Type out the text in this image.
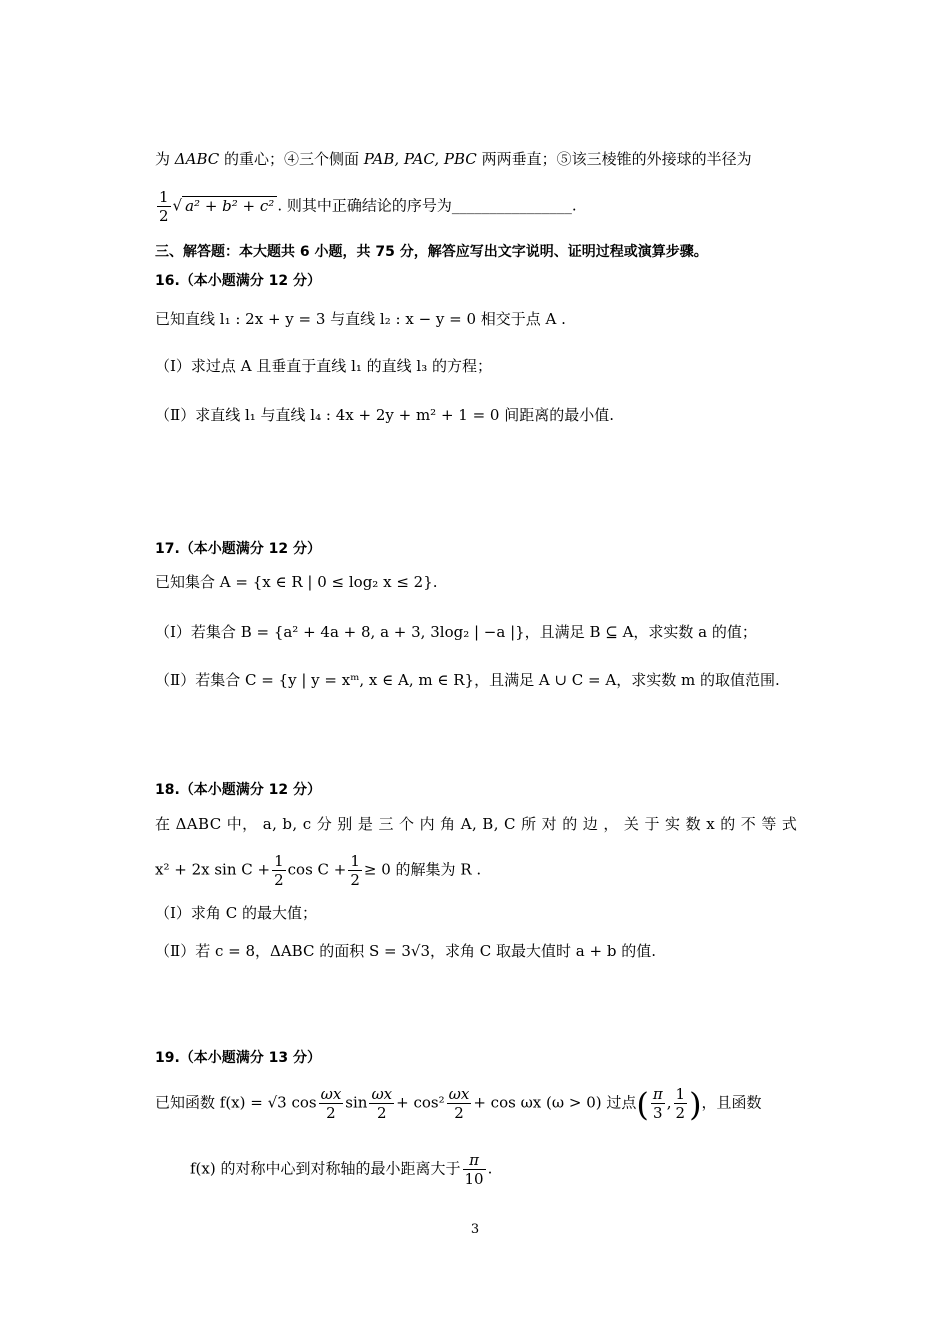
为 ΔABC 的重心；④三个侧面 PAB, PAC, PBC 两两垂直；⑤该三棱锥的外接球的半径为
$\frac{1}{2}$ √ a² + b² + c² . 则其中正确结论的序号为________________.
三、解答题：本大题共 6 小题，共 75 分，解答应写出文字说明、证明过程或演算步骤。
16.（本小题满分 12 分）
已知直线 l₁ : 2x + y = 3 与直线 l₂ : x − y = 0 相交于点 A .
（Ⅰ）求过点 A 且垂直于直线 l₁ 的直线 l₃ 的方程；
（Ⅱ）求直线 l₁ 与直线 l₄ : 4x + 2y + m² + 1 = 0 间距离的最小值.
17.（本小题满分 12 分）
已知集合 A = {x ∈ R | 0 ≤ log₂ x ≤ 2}.
（Ⅰ）若集合 B = {a² + 4a + 8, a + 3, 3log₂ | −a |}，且满足 B ⊆ A，求实数 a 的值；
（Ⅱ）若集合 C = {y | y = xᵐ, x ∈ A, m ∈ R}，且满足 A ∪ C = A，求实数 m 的取值范围.
18.（本小题满分 12 分）
在 ΔABC 中， a, b, c 分 别 是 三 个 内 角 A, B, C 所 对 的 边 ， 关 于 实 数 x 的 不 等 式
x² + 2x $\sin C + \frac{1}{2}$ $\cos C + \frac{1}{2} \ge 0$ 的解集为 R .
（Ⅰ）求角 C 的最大值；
（Ⅱ）若 c = 8，ΔABC 的面积 S = 3√3，求角 C 取最大值时 a + b 的值.
19.（本小题满分 13 分）
已知函数 f(x) = √3 $\cos \frac{\omega x}{2}$ $\sin \frac{\omega x}{2} + \cos^2 \frac{\omega x}{2} + \cos \omega x$ (ω > 0) 过点( $\frac{\pi}{3}$ , $\frac{1}{2}$ )，且函数
f(x) 的对称中心到对称轴的最小距离大于 $\frac{\pi}{10}$ .
3
